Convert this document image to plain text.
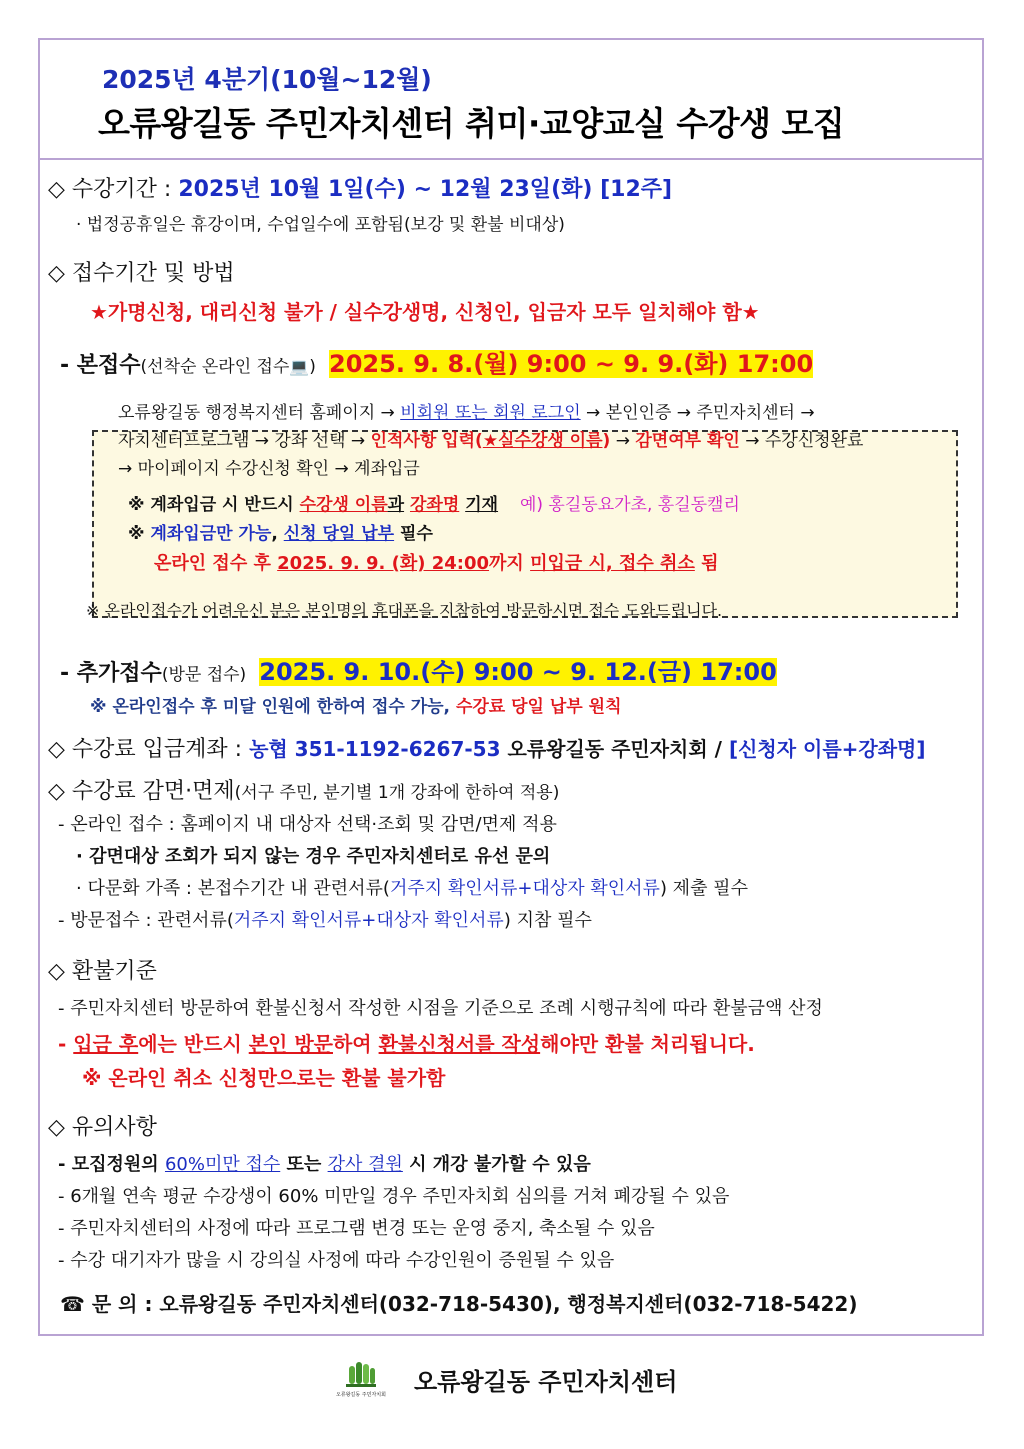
2025년 4분기(10월~12월)
오류왕길동 주민자치센터 취미·교양교실 수강생 모집
◇ 수강기간 : 2025년 10월 1일(수) ~ 12월 23일(화) [12주]
· 법정공휴일은 휴강이며, 수업일수에 포함됨(보강 및 환불 비대상)
◇ 접수기간 및 방법
★가명신청, 대리신청 불가 / 실수강생명, 신청인, 입금자 모두 일치해야 함★
- 본접수(선착순 온라인 접수💻) 2025. 9. 8.(월) 9:00 ~ 9. 9.(화) 17:00
오류왕길동 행정복지센터 홈페이지 → 비회원 또는 회원 로그인 → 본인인증 → 주민자치센터 →
자치센터프로그램 → 강좌 선택 → 인적사항 입력(★실수강생 이름) → 감면여부 확인 → 수강신청완료
→ 마이페이지 수강신청 확인 → 계좌입금
※ 계좌입금 시 반드시 수강생 이름과 강좌명 기재 예) 홍길동요가초, 홍길동캘리
※ 계좌입금만 가능, 신청 당일 납부 필수
온라인 접수 후 2025. 9. 9. (화) 24:00까지 미입금 시, 접수 취소 됨
※ 온라인접수가 어려우신 분은 본인명의 휴대폰을 지참하여 방문하시면 접수 도와드립니다.
- 추가접수(방문 접수) 2025. 9. 10.(수) 9:00 ~ 9. 12.(금) 17:00
※ 온라인접수 후 미달 인원에 한하여 접수 가능, 수강료 당일 납부 원칙
◇ 수강료 입금계좌 : 농협 351-1192-6267-53 오류왕길동 주민자치회 / [신청자 이름+강좌명]
◇ 수강료 감면·면제(서구 주민, 분기별 1개 강좌에 한하여 적용)
- 온라인 접수 : 홈페이지 내 대상자 선택·조회 및 감면/면제 적용
· 감면대상 조회가 되지 않는 경우 주민자치센터로 유선 문의
· 다문화 가족 : 본접수기간 내 관련서류(거주지 확인서류+대상자 확인서류) 제출 필수
- 방문접수 : 관련서류(거주지 확인서류+대상자 확인서류) 지참 필수
◇ 환불기준
- 주민자치센터 방문하여 환불신청서 작성한 시점을 기준으로 조례 시행규칙에 따라 환불금액 산정
- 입금 후에는 반드시 본인 방문하여 환불신청서를 작성해야만 환불 처리됩니다.
※ 온라인 취소 신청만으로는 환불 불가함
◇ 유의사항
- 모집정원의 60%미만 접수 또는 강사 결원 시 개강 불가할 수 있음
- 6개월 연속 평균 수강생이 60% 미만일 경우 주민자치회 심의를 거쳐 폐강될 수 있음
- 주민자치센터의 사정에 따라 프로그램 변경 또는 운영 중지, 축소될 수 있음
- 수강 대기자가 많을 시 강의실 사정에 따라 수강인원이 증원될 수 있음
☎ 문 의 : 오류왕길동 주민자치센터(032-718-5430), 행정복지센터(032-718-5422)
오류왕길동 주민자치회 오류왕길동 주민자치센터
